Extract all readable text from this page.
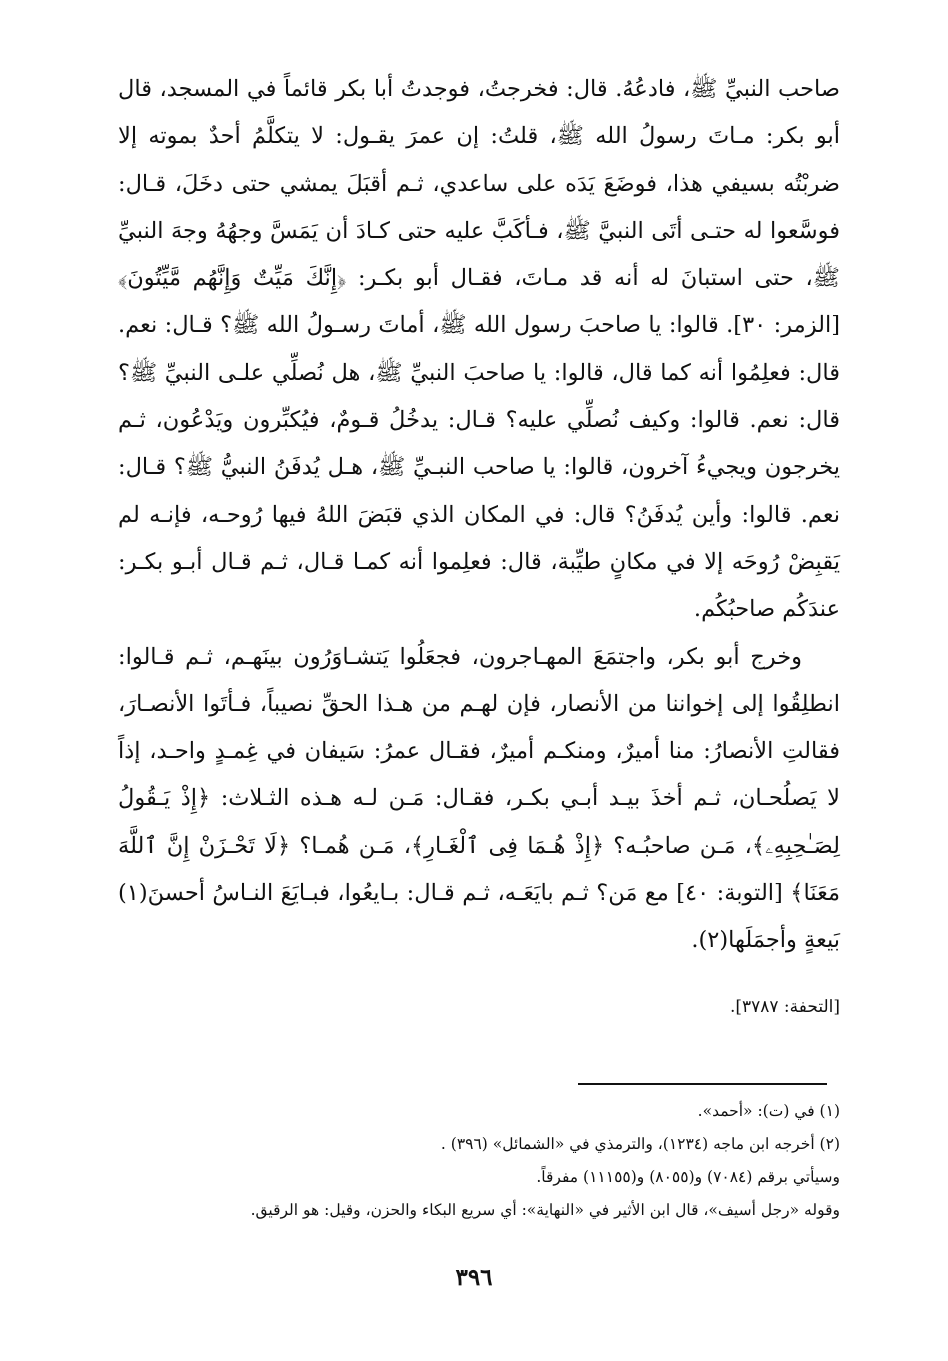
صاحب النبيِّ ﷺ، فادعُهُ. قال: فخرجتُ، فوجدتُ أبا بكر قائماً في المسجد، قال أبو بكر: مـاتَ رسولُ الله ﷺ، قلتُ: إن عمرَ يقـول: لا يتكلَّمُ أحدٌ بموته إلا ضربْتُه بسيفي هذا، فوضَعَ يَدَه على ساعدي، ثـم أقبَلَ يمشي حتى دخَلَ، قـال: فوسَّعوا له حتـى أتَى النبيَّ ﷺ، فـأكَبَّ عليه حتى كـادَ أن يَمَسَّ وجهُهُ وجهَ النبيِّ ﷺ، حتى استبانَ له أنه قد مـاتَ، فقـال أبو بكـر: ﴿إِنَّكَ مَيِّتٌ وَإِنَّهُم مَّيِّتُونَ﴾ [الزمر: ٣٠]. قالوا: يا صاحبَ رسول الله ﷺ، أماتَ رسـولُ الله ﷺ؟ قـال: نعم. قال: فعلِمُوا أنه كما قال، قالوا: يا صاحبَ النبيِّ ﷺ، هل نُصلِّي علـى النبيِّ ﷺ؟ قال: نعم. قالوا: وكيف نُصلِّي عليه؟ قـال: يدخُلُ قـومٌ، فيُكبِّرون ويَدْعُون، ثـم يخرجون ويجيءُ آخرون، قالوا: يا صاحب النبـيِّ ﷺ، هـل يُدفَنُ النبيُّ ﷺ؟ قـال: نعم. قالوا: وأين يُدفَنُ؟ قال: في المكان الذي قبَضَ اللهُ فيها رُوحـه، فإنـه لم يَقبِضْ رُوحَه إلا في مكانٍ طيِّبة، قال: فعلِموا أنه كمـا قـال، ثـم قـال أبـو بكـر: عندَكُم صاحبُكُم.

وخرج أبو بكر، واجتمَعَ المهـاجرون، فجعَلُوا يَتشـاوَرُون بينَهـم، ثـم قـالوا: انطلِقُوا إلى إخواننا من الأنصار، فإن لهـم من هـذا الحقِّ نصيباً، فـأتَوا الأنصـارَ، فقالتِ الأنصارُ: منا أميرٌ، ومنكـم أميرٌ، فقـال عمرُ: سَيفان في غِمـدٍ واحـد، إذاً لا يَصلُحـان، ثـم أخذَ بيـد أبـي بكـر، فقـال: مَـن لـه هـذه الثـلاث: ﴿إِذْ يَـقُولُ لِصَـٰحِبِهِۦ﴾، مَـن صاحبُـه؟ ﴿إِذْ هُـمَا فِى ٱلْغَـارِ﴾، مَـن هُمـا؟ ﴿لَا تَحْـزَنْ إِنَّ ٱللَّهَ مَعَنَا﴾ [التوبة: ٤٠] مع مَن؟ ثـم بايَعَـه، ثـم قـال: بـايعُوا، فبـايَعَ النـاسُ أحسنَ(١) بَيعةٍ وأجمَلَها(٢).

[التحفة: ٣٧٨٧].
(١) في (ت): «أحمد».
(٢) أخرجه ابن ماجه (١٢٣٤)، والترمذي في «الشمائل» (٣٩٦) .
وسيأتي برقم (٧٠٨٤) و(٨٠٥٥) و(١١١٥٥) مفرقاً.
وقوله «رجل أسيف»، قال ابن الأثير في «النهاية»: أي سريع البكاء والحزن، وقيل: هو الرقيق.
٣٩٦
